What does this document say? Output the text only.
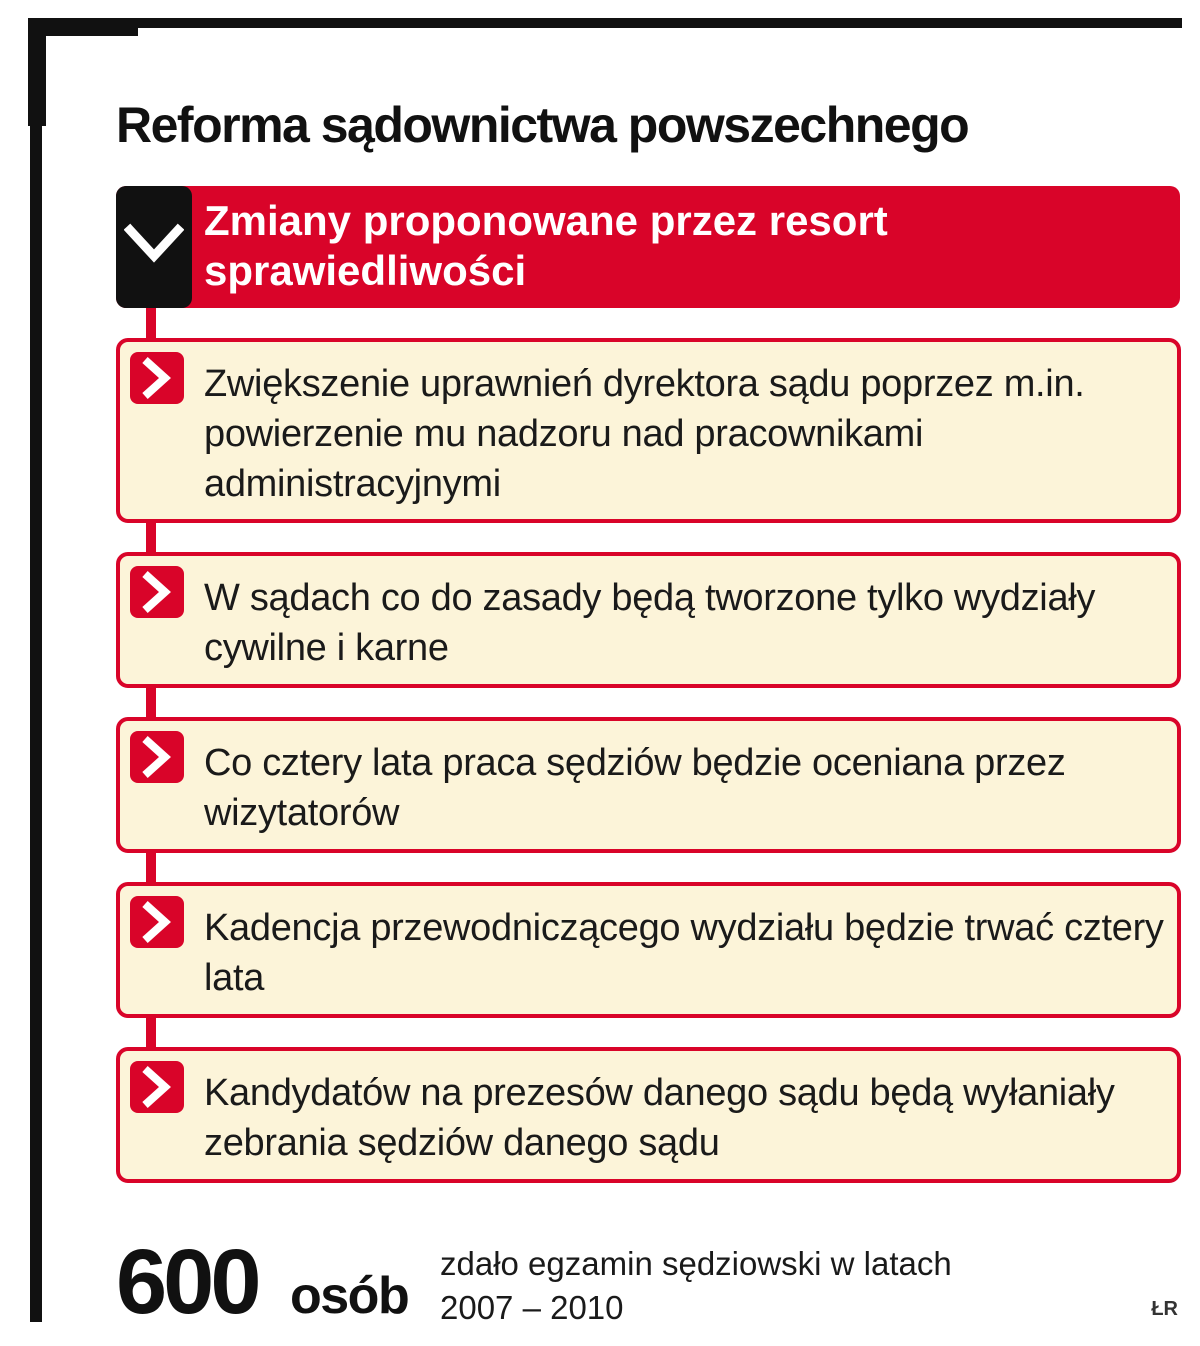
Reforma sądownictwa powszechnego
Zmiany proponowane przez resort sprawiedliwości
Zwiększenie uprawnień dyrektora sądu poprzez m.in. powierzenie mu nadzoru nad pracownikami administracyjnymi
W sądach co do zasady będą tworzone tylko wydziały cywilne i karne
Co cztery lata praca sędziów będzie oceniana przez wizytatorów
Kadencja przewodniczącego wydziału będzie trwać cztery lata
Kandydatów na prezesów danego sądu będą wyłaniały zebrania sędziów danego sądu
600 osób
zdało egzamin sędziowski w latach 2007 – 2010	ŁR
